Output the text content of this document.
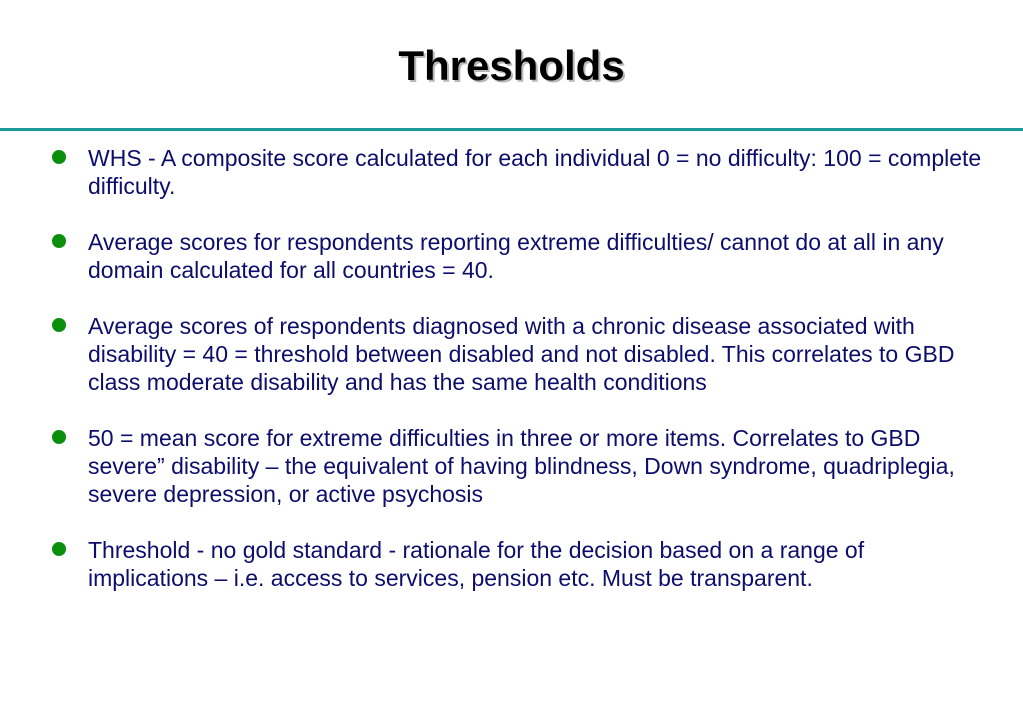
Thresholds
WHS - A composite score calculated for each individual 0 = no difficulty: 100 = complete difficulty.
Average scores for respondents reporting extreme difficulties/ cannot do at all in any domain calculated for all countries = 40.
Average scores of respondents diagnosed with a chronic disease associated with disability = 40 = threshold between disabled and not disabled. This correlates to GBD class moderate disability and has the same health conditions
50 = mean score for extreme difficulties in three or more items. Correlates to GBD severe” disability – the equivalent of having blindness, Down syndrome, quadriplegia, severe depression, or active psychosis
Threshold - no gold standard - rationale for the decision based on a range of implications – i.e. access to services, pension etc. Must be transparent.
